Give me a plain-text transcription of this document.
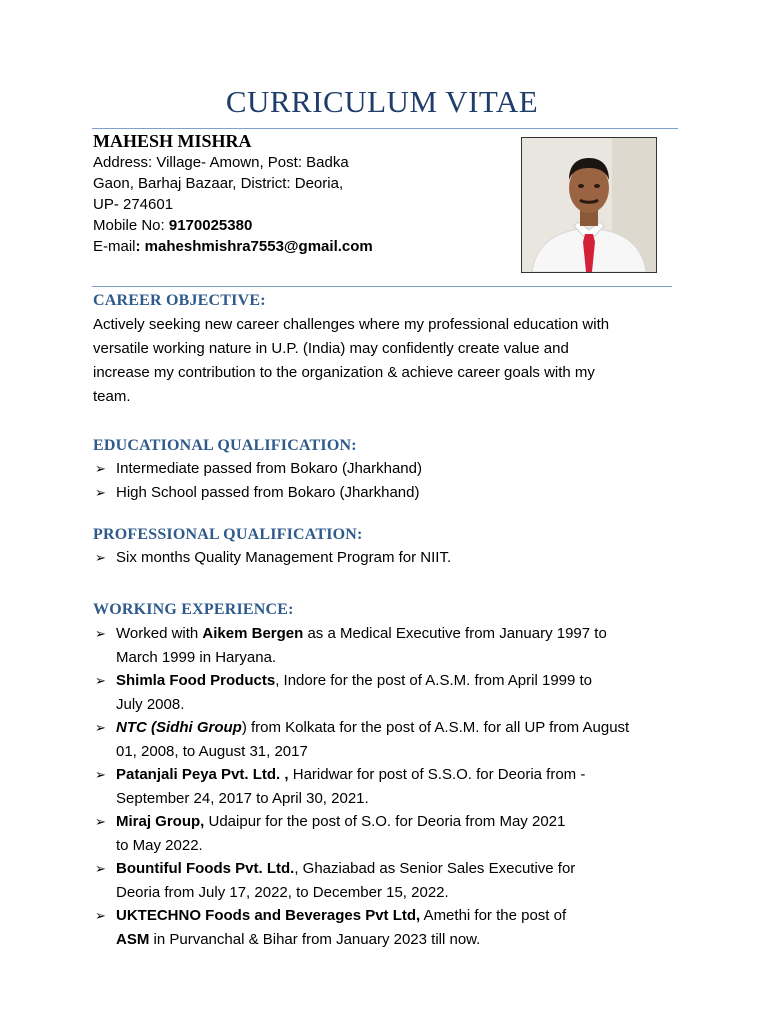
CURRICULUM VITAE
MAHESH MISHRA
Address: Village- Amown, Post: Badka
Gaon, Barhaj Bazaar, District: Deoria,
UP- 274601
Mobile No: 9170025380
E-mail: maheshmishra7553@gmail.com
CAREER OBJECTIVE:
Actively seeking new career challenges where my professional education with
versatile working nature in U.P. (India) may confidently create value and
increase my contribution to the organization & achieve career goals with my
team.
EDUCATIONAL QUALIFICATION:
➢ Intermediate passed from Bokaro (Jharkhand)
➢ High School passed from Bokaro (Jharkhand)
PROFESSIONAL QUALIFICATION:
➢ Six months Quality Management Program for NIIT.
WORKING EXPERIENCE:
➢ Worked with Aikem Bergen as a Medical Executive from January 1997 to
March 1999 in Haryana.
➢ Shimla Food Products, Indore for the post of A.S.M. from April 1999 to
July 2008.
➢ NTC (Sidhi Group) from Kolkata for the post of A.S.M. for all UP from August
01, 2008, to August 31, 2017
➢ Patanjali Peya Pvt. Ltd. , Haridwar for post of S.S.O. for Deoria from -
September 24, 2017 to April 30, 2021.
➢ Miraj Group, Udaipur for the post of S.O. for Deoria from May 2021
to May 2022.
➢ Bountiful Foods Pvt. Ltd., Ghaziabad as Senior Sales Executive for
Deoria from July 17, 2022, to December 15, 2022.
➢ UKTECHNO Foods and Beverages Pvt Ltd, Amethi for the post of
ASM in Purvanchal & Bihar from January 2023 till now.
